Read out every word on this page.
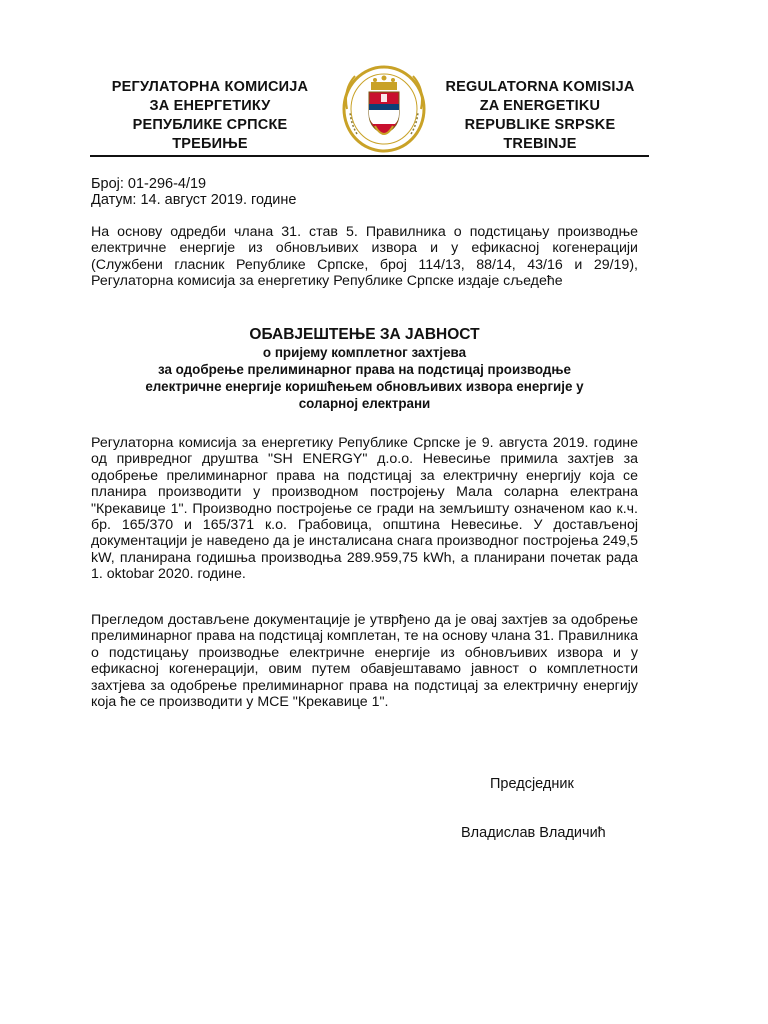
РЕГУЛАТОРНА КОМИСИЈА
ЗА ЕНЕРГЕТИКУ
РЕПУБЛИКЕ СРПСКЕ
ТРЕБИЊЕ
REGULATORNA KOMISIJA
ZA ENERGETIKU
REPUBLIKE SRPSKE
TREBINJE
Број: 01-296-4/19
Датум: 14. август 2019. године
На основу одредби члана 31. став 5. Правилника о подстицању производње електричне енергије из обновљивих извора и у ефикасној когенерацији (Службени гласник Републике Српске, број 114/13, 88/14, 43/16 и 29/19), Регулаторна комисија за енергетику Републике Српске издаје сљедеће
ОБАВЈЕШТЕЊЕ ЗА ЈАВНОСТ
о пријему комплетног захтјева
за одобрење прелиминарног права на подстицај производње
електричне енергије коришћењем обновљивих извора енергије у
соларној електрани
Регулаторна комисија за енергетику Републике Српске је 9. августа 2019. године од привредног друштва "SH ENERGY" д.о.о. Невесиње примила захтјев за одобрење прелиминарног права на подстицај за електричну енергију која се планира производити у производном постројењу Мала соларна електрана "Крекавице 1". Производно постројење се гради на земљишту означеном као к.ч. бр. 165/370 и 165/371 к.о. Грабовица, општина Невесиње. У достављеној документацији је наведено да је инсталисана снага производног постројења 249,5 kW, планирана годишња производња 289.959,75 kWh, а планирани почетак рада 1. oktobar 2020. године.
Прегледом достављене документације је утврђено да је овај захтјев за одобрење прелиминарног права на подстицај комплетан, те на основу члана 31. Правилника о подстицању производње електричне енергије из обновљивих извора и у ефикасној когенерацији, овим путем обавјештавамо јавност о комплетности захтјева за одобрење прелиминарног права на подстицај за електричну енергију која ће се производити у МСЕ "Крекавице 1".
Предсједник
Владислав Владичић
